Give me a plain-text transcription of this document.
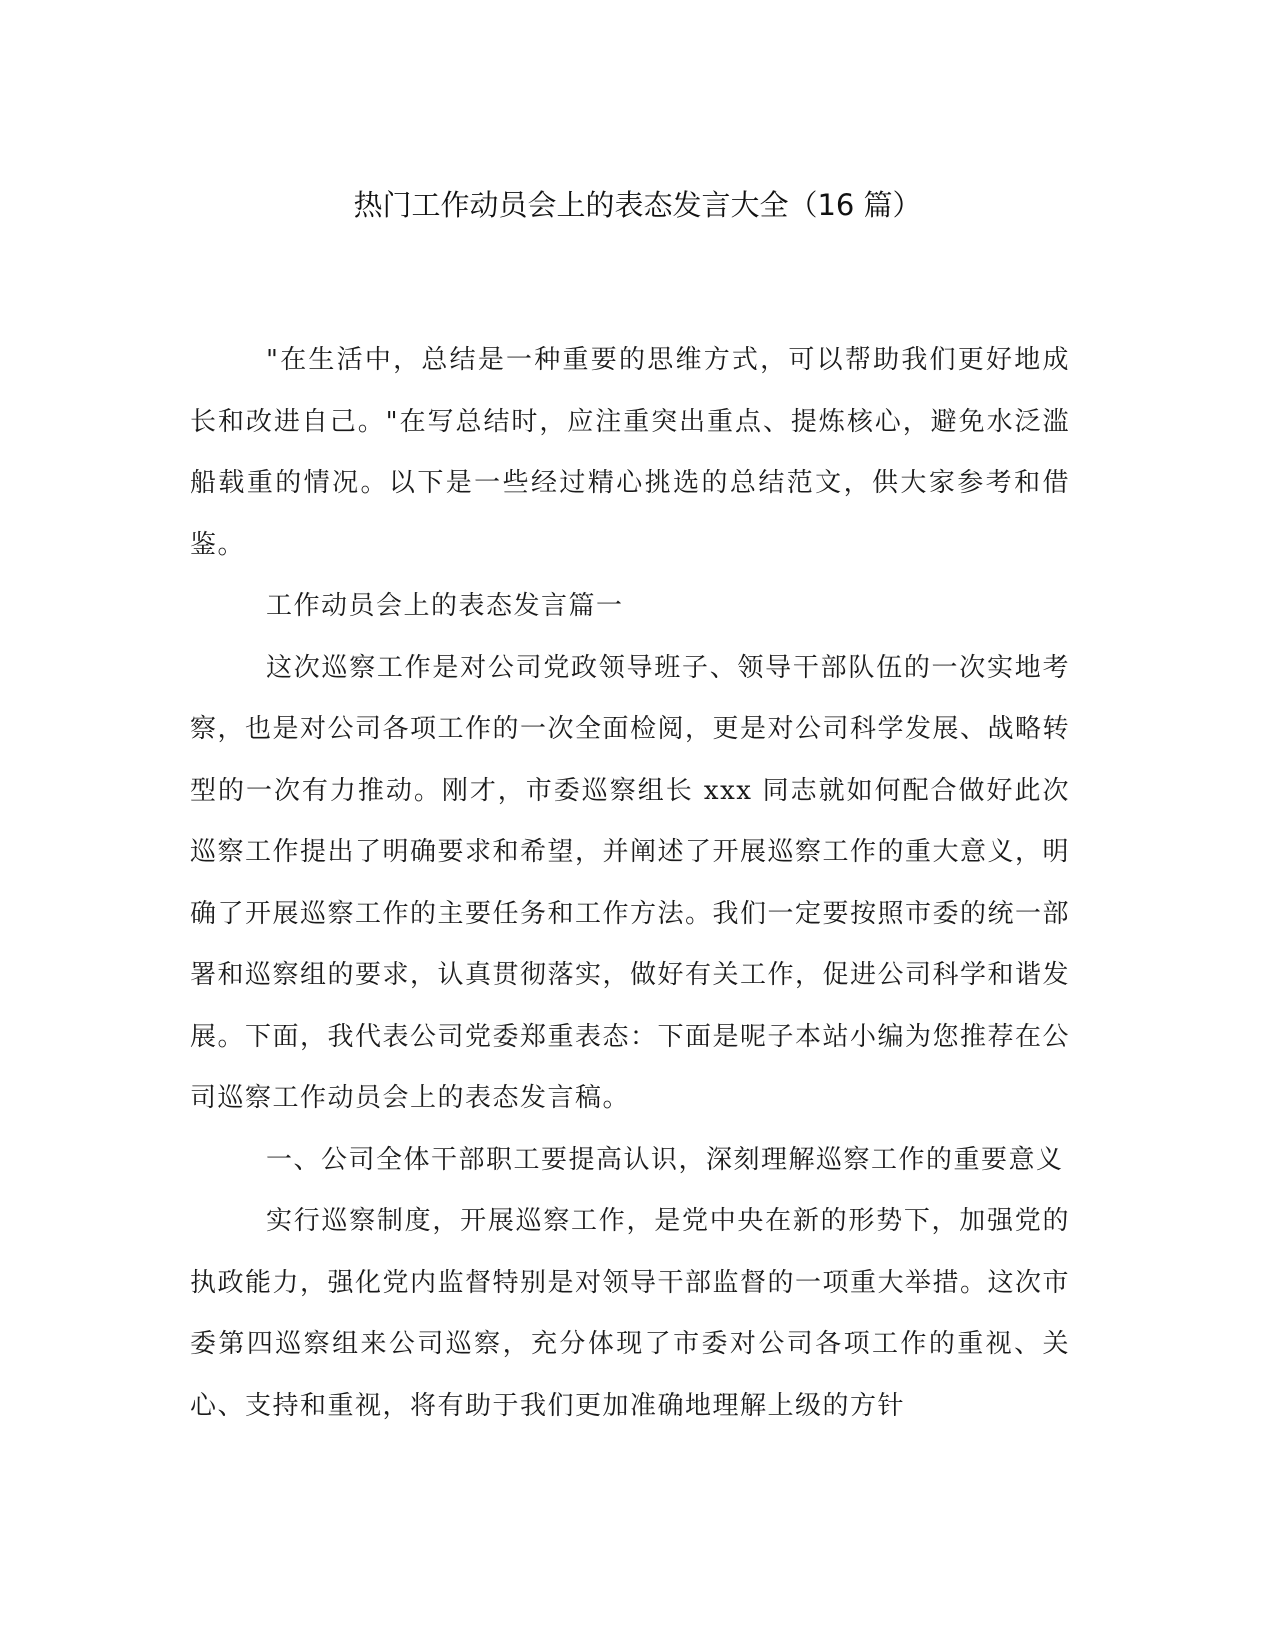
热门工作动员会上的表态发言大全（16 篇）

"在生活中，总结是一种重要的思维方式，可以帮助我们更好地成长和改进自己。"在写总结时，应注重突出重点、提炼核心，避免水泛滥船载重的情况。以下是一些经过精心挑选的总结范文，供大家参考和借鉴。

工作动员会上的表态发言篇一

这次巡察工作是对公司党政领导班子、领导干部队伍的一次实地考察，也是对公司各项工作的一次全面检阅，更是对公司科学发展、战略转型的一次有力推动。刚才，市委巡察组长 xxx 同志就如何配合做好此次巡察工作提出了明确要求和希望，并阐述了开展巡察工作的重大意义，明确了开展巡察工作的主要任务和工作方法。我们一定要按照市委的统一部署和巡察组的要求，认真贯彻落实，做好有关工作，促进公司科学和谐发展。下面，我代表公司党委郑重表态：下面是呢子本站小编为您推荐在公司巡察工作动员会上的表态发言稿。

一、公司全体干部职工要提高认识，深刻理解巡察工作的重要意义

实行巡察制度，开展巡察工作，是党中央在新的形势下，加强党的执政能力，强化党内监督特别是对领导干部监督的一项重大举措。这次市委第四巡察组来公司巡察，充分体现了市委对公司各项工作的重视、关心、支持和重视，将有助于我们更加准确地理解上级的方针
